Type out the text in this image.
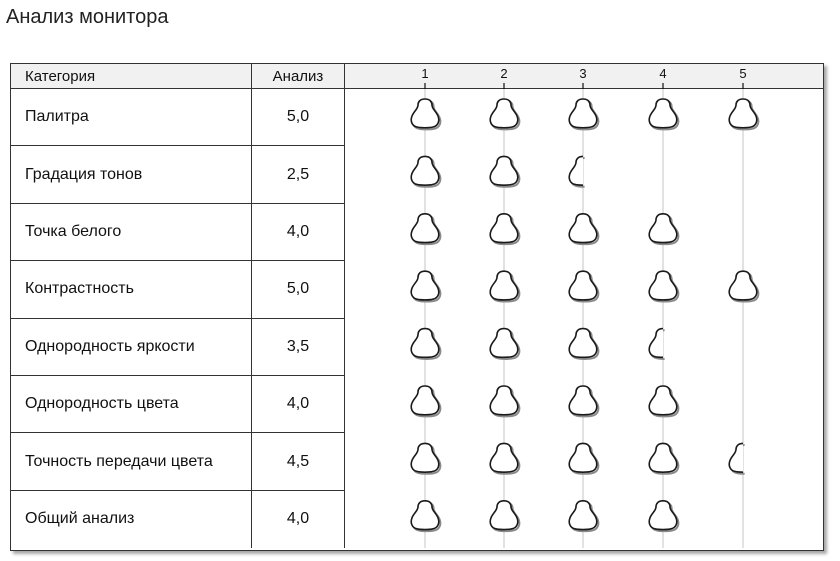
Анализ монитора
Категория	Анализ
Палитра	5,0
Градация тонов	2,5
Точка белого	4,0
Контрастность	5,0
Однородность яркости	3,5
Однородность цвета	4,0
Точность передачи цвета	4,5
Общий анализ	4,0
1	2	3	4	5
